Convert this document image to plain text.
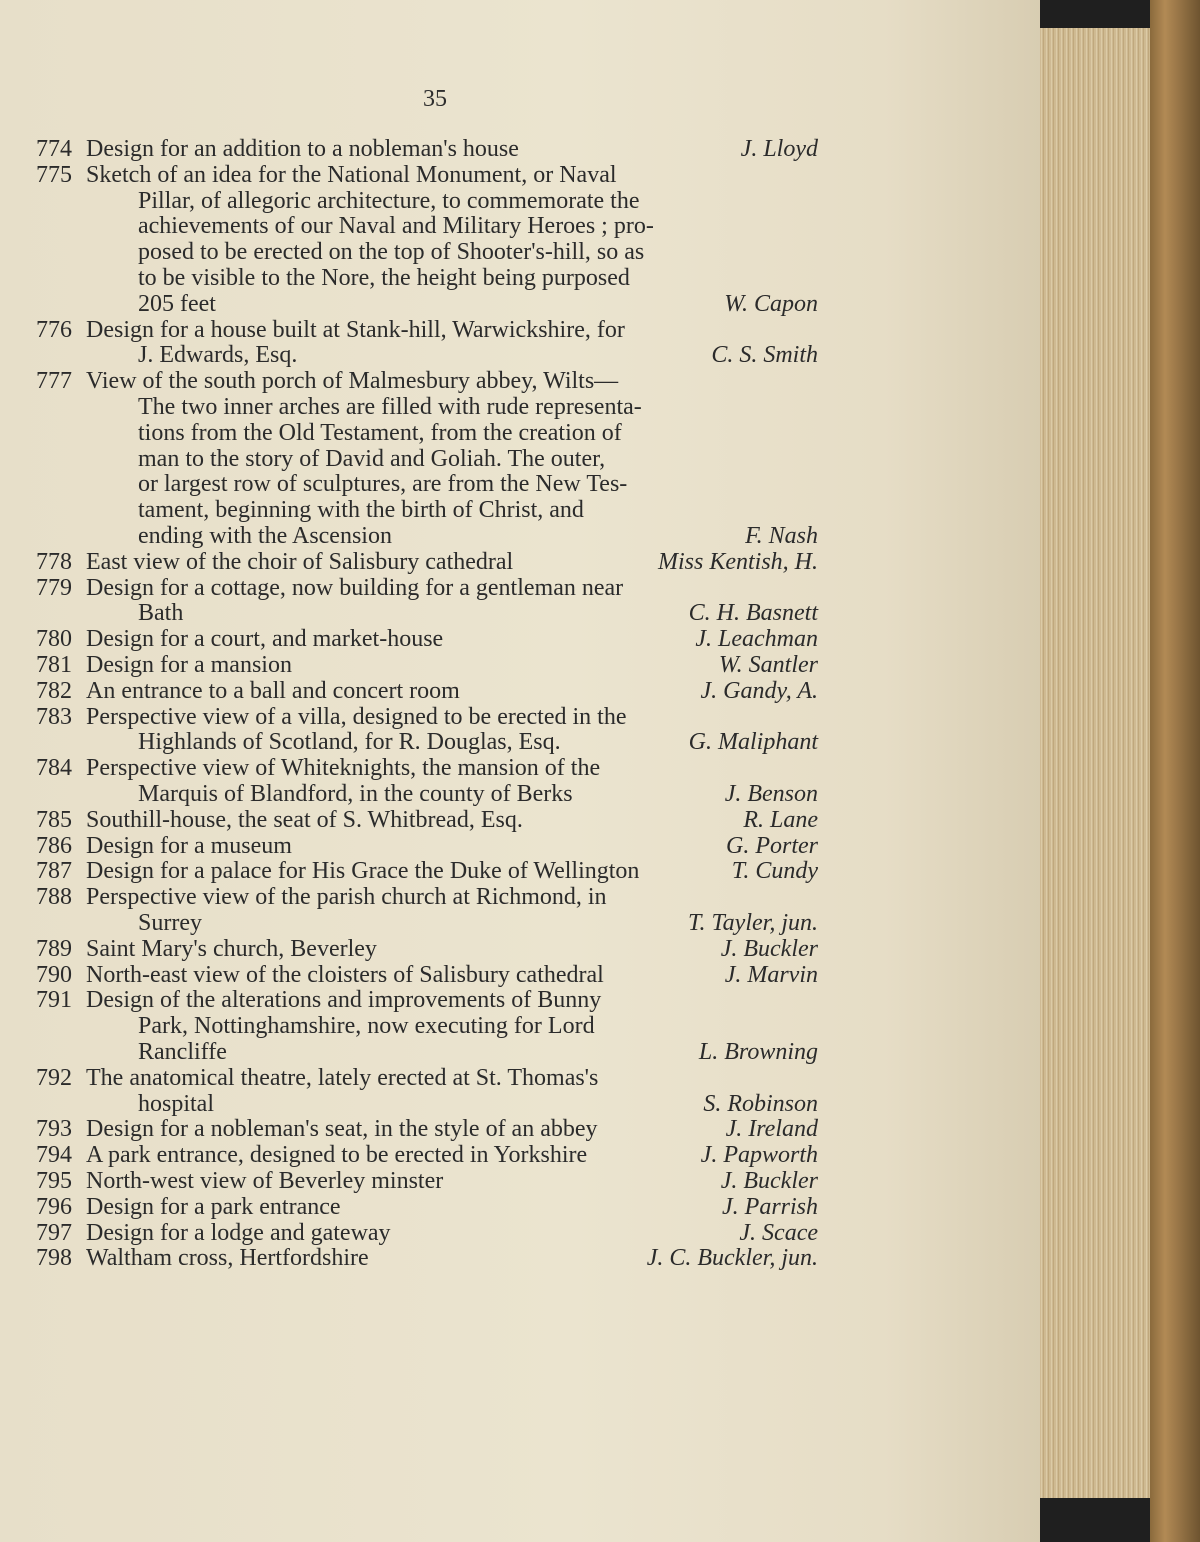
35
774 Design for an addition to a nobleman's house	J. Lloyd
775 Sketch of an idea for the National Monument, or Naval
Pillar, of allegoric architecture, to commemorate the
achievements of our Naval and Military Heroes ; pro-
posed to be erected on the top of Shooter's-hill, so as
to be visible to the Nore, the height being purposed
205 feet	W. Capon
776 Design for a house built at Stank-hill, Warwickshire, for
J. Edwards, Esq.	C. S. Smith
777 View of the south porch of Malmesbury abbey, Wilts—
The two inner arches are filled with rude representa-
tions from the Old Testament, from the creation of
man to the story of David and Goliah. The outer,
or largest row of sculptures, are from the New Tes-
tament, beginning with the birth of Christ, and
ending with the Ascension	F. Nash
778 East view of the choir of Salisbury cathedral	Miss Kentish, H.
779 Design for a cottage, now building for a gentleman near
Bath	C. H. Basnett
780 Design for a court, and market-house	J. Leachman
781 Design for a mansion	W. Santler
782 An entrance to a ball and concert room	J. Gandy, A.
783 Perspective view of a villa, designed to be erected in the
Highlands of Scotland, for R. Douglas, Esq.	G. Maliphant
784 Perspective view of Whiteknights, the mansion of the
Marquis of Blandford, in the county of Berks	J. Benson
785 Southill-house, the seat of S. Whitbread, Esq.	R. Lane
786 Design for a museum	G. Porter
787 Design for a palace for His Grace the Duke of Wellington	T. Cundy
788 Perspective view of the parish church at Richmond, in
Surrey	T. Tayler, jun.
789 Saint Mary's church, Beverley	J. Buckler
790 North-east view of the cloisters of Salisbury cathedral	J. Marvin
791 Design of the alterations and improvements of Bunny
Park, Nottinghamshire, now executing for Lord
Rancliffe	L. Browning
792 The anatomical theatre, lately erected at St. Thomas's
hospital	S. Robinson
793 Design for a nobleman's seat, in the style of an abbey	J. Ireland
794 A park entrance, designed to be erected in Yorkshire	J. Papworth
795 North-west view of Beverley minster	J. Buckler
796 Design for a park entrance	J. Parrish
797 Design for a lodge and gateway	J. Scace
798 Waltham cross, Hertfordshire	J. C. Buckler, jun.
